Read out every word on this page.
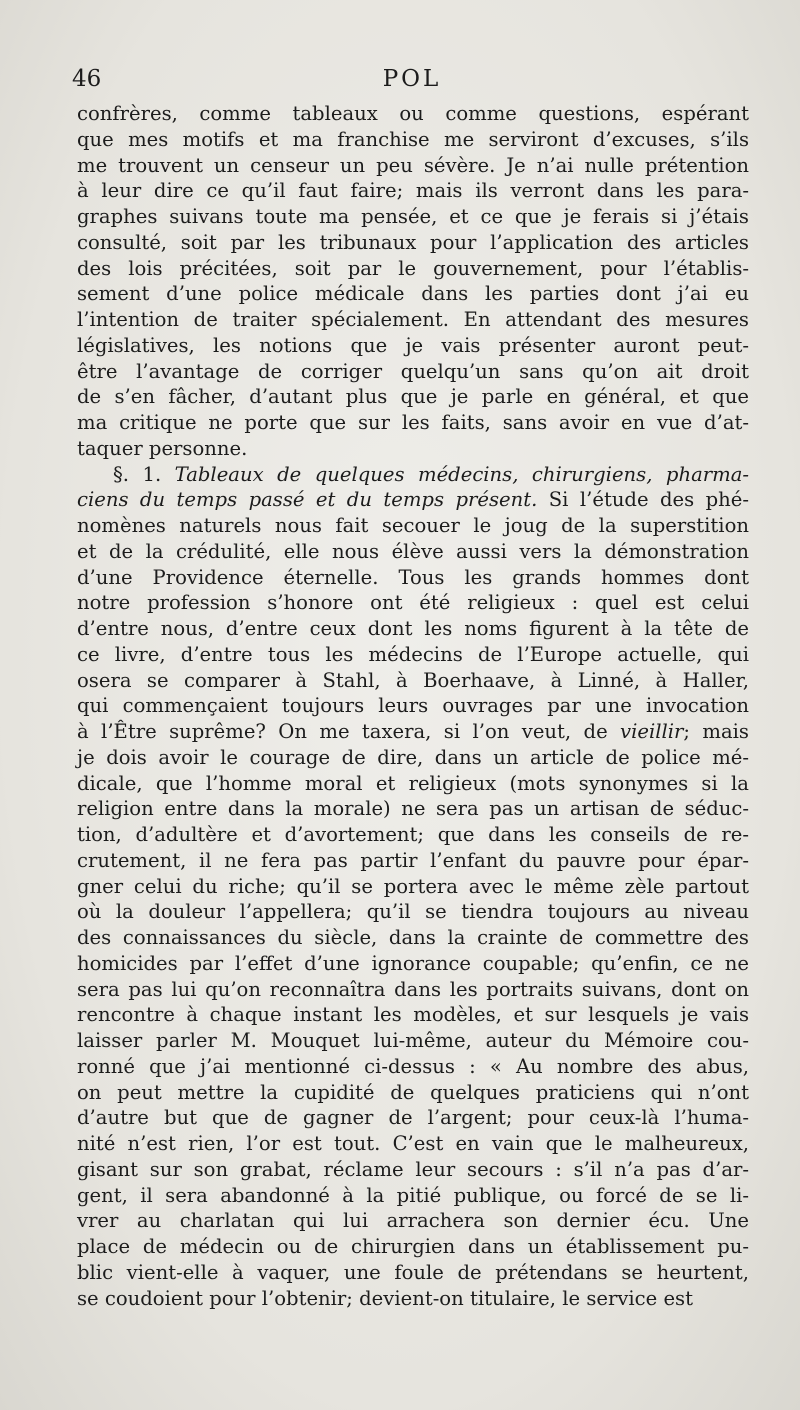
46	POL
confrères, comme tableaux ou comme questions, espérant
que mes motifs et ma franchise me serviront d’excuses, s’ils
me trouvent un censeur un peu sévère. Je n’ai nulle prétention
à leur dire ce qu’il faut faire; mais ils verront dans les para-
graphes suivans toute ma pensée, et ce que je ferais si j’étais
consulté, soit par les tribunaux pour l’application des articles
des lois précitées, soit par le gouvernement, pour l’établis-
sement d’une police médicale dans les parties dont j’ai eu
l’intention de traiter spécialement. En attendant des mesures
législatives, les notions que je vais présenter auront peut-
être l’avantage de corriger quelqu’un sans qu’on ait droit
de s’en fâcher, d’autant plus que je parle en général, et que
ma critique ne porte que sur les faits, sans avoir en vue d’at-
taquer personne.
§. 1. Tableaux de quelques médecins, chirurgiens, pharma-
ciens du temps passé et du temps présent. Si l’étude des phé-
nomènes naturels nous fait secouer le joug de la superstition
et de la crédulité, elle nous élève aussi vers la démonstration
d’une Providence éternelle. Tous les grands hommes dont
notre profession s’honore ont été religieux : quel est celui
d’entre nous, d’entre ceux dont les noms figurent à la tête de
ce livre, d’entre tous les médecins de l’Europe actuelle, qui
osera se comparer à Stahl, à Boerhaave, à Linné, à Haller,
qui commençaient toujours leurs ouvrages par une invocation
à l’Être suprême? On me taxera, si l’on veut, de vieillir; mais
je dois avoir le courage de dire, dans un article de police mé-
dicale, que l’homme moral et religieux (mots synonymes si la
religion entre dans la morale) ne sera pas un artisan de séduc-
tion, d’adultère et d’avortement; que dans les conseils de re-
crutement, il ne fera pas partir l’enfant du pauvre pour épar-
gner celui du riche; qu’il se portera avec le même zèle partout
où la douleur l’appellera; qu’il se tiendra toujours au niveau
des connaissances du siècle, dans la crainte de commettre des
homicides par l’effet d’une ignorance coupable; qu’enfin, ce ne
sera pas lui qu’on reconnaîtra dans les portraits suivans, dont on
rencontre à chaque instant les modèles, et sur lesquels je vais
laisser parler M. Mouquet lui-même, auteur du Mémoire cou-
ronné que j’ai mentionné ci-dessus : « Au nombre des abus,
on peut mettre la cupidité de quelques praticiens qui n’ont
d’autre but que de gagner de l’argent; pour ceux-là l’huma-
nité n’est rien, l’or est tout. C’est en vain que le malheureux,
gisant sur son grabat, réclame leur secours : s’il n’a pas d’ar-
gent, il sera abandonné à la pitié publique, ou forcé de se li-
vrer au charlatan qui lui arrachera son dernier écu. Une
place de médecin ou de chirurgien dans un établissement pu-
blic vient-elle à vaquer, une foule de prétendans se heurtent,
se coudoient pour l’obtenir; devient-on titulaire, le service est
